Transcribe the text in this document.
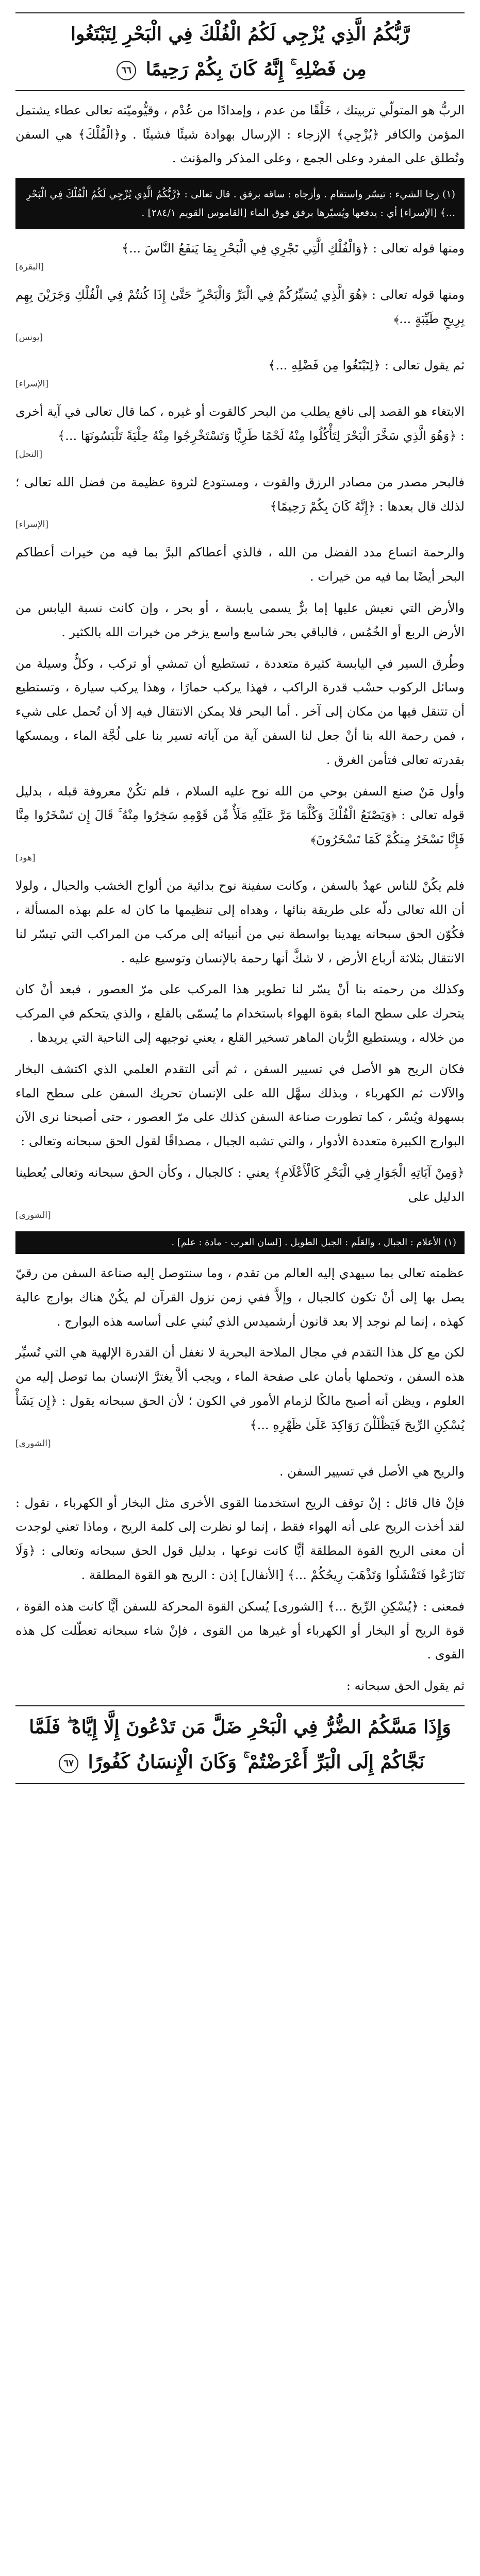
رَّبُّكُمُ الَّذِي يُزْجِي لَكُمُ الْفُلْكَ فِي الْبَحْرِ لِتَبْتَغُوا
مِن فَضْلِهِ ۚ إِنَّهُ كَانَ بِكُمْ رَحِيمًا ٦٦

الربُّ هو المتولّي تربيتك ، خَلْقًا من عدم ، وإمدادًا من عُدْم ، وقيُّوميّته تعالى عطاء يشتمل المؤمن والكافر ﴿يُزْجِي﴾ الإزجاء : الإرسال بهوادة شيئًا فشيئًا . و﴿الْفُلْكَ﴾ هي السفن وتُطلق على المفرد وعلى الجمع ، وعلى المذكر والمؤنث .

(١) زجا الشيء : تيسّر واستقام . وأزجاه : ساقه برفق . قال تعالى : ﴿رَّبُّكُمُ الَّذِي يُزْجِي لَكُمُ الْفُلْكَ فِي الْبَحْرِ ...﴾ [الإسراء] أي : يدفعها ويُسيّرها برفق فوق الماء [القاموس القويم ٢٨٤/١] .

ومنها قوله تعالى : ﴿وَالْفُلْكِ الَّتِي تَجْرِي فِي الْبَحْرِ بِمَا يَنفَعُ النَّاسَ ...﴾
[البقرة]

ومنها قوله تعالى : ﴿هُوَ الَّذِي يُسَيِّرُكُمْ فِي الْبَرِّ وَالْبَحْرِ ۖ حَتَّىٰ إِذَا كُنتُمْ فِي الْفُلْكِ وَجَرَيْنَ بِهِم بِرِيحٍ طَيِّبَةٍ ...﴾
[يونس]

ثم يقول تعالى : ﴿لِتَبْتَغُوا مِن فَضْلِهِ ...﴾
[الإسراء]

الابتغاء هو القصد إلى نافع يطلب من البحر كالقوت أو غيره ، كما قال تعالى في آية أخرى : ﴿وَهُوَ الَّذِي سَخَّرَ الْبَحْرَ لِتَأْكُلُوا مِنْهُ لَحْمًا طَرِيًّا وَتَسْتَخْرِجُوا مِنْهُ حِلْيَةً تَلْبَسُونَهَا ...﴾
[النحل]

فالبحر مصدر من مصادر الرزق والقوت ، ومستودع لثروة عظيمة من فضل الله تعالى ؛ لذلك قال بعدها : ﴿إِنَّهُ كَانَ بِكُمْ رَحِيمًا﴾
[الإسراء]

والرحمة اتساع مدد الفضل من الله ، فالذي أعطاكم البرَّ بما فيه من خيرات أعطاكم البحر أيضًا بما فيه من خيرات .

والأرض التي نعيش عليها إما برٌّ يسمى يابسة ، أو بحر ، وإن كانت نسبة اليابس من الأرض الربع أو الخُمُس ، فالباقي بحر شاسع واسع يزخر من خيرات الله بالكثير .

وطُرق السير في اليابسة كثيرة متعددة ، تستطيع أن تمشي أو تركب ، وكلُّ وسيلة من وسائل الركوب حسْب قدرة الراكب ، فهذا يركب حمارًا ، وهذا يركب سيارة ، وتستطيع أن تتنقل فيها من مكان إلى آخر . أما البحر فلا يمكن الانتقال فيه إلا أن تُحمل على شيء ، فمن رحمة الله بنا أنْ جعل لنا السفن آية من آياته تسير بنا على لُجَّة الماء ، ويمسكها بقدرته تعالى فتأمن الغرق .

وأول مَنْ صنع السفن بوحي من الله نوح عليه السلام ، فلم تكُنْ معروفة قبله ، بدليل قوله تعالى : ﴿وَيَصْنَعُ الْفُلْكَ وَكُلَّمَا مَرَّ عَلَيْهِ مَلَأٌ مِّن قَوْمِهِ سَخِرُوا مِنْهُ ۚ قَالَ إِن تَسْخَرُوا مِنَّا فَإِنَّا نَسْخَرُ مِنكُمْ كَمَا تَسْخَرُونَ﴾
[هود]

فلم يكُنْ للناس عهدٌ بالسفن ، وكانت سفينة نوح بدائية من ألواح الخشب والحبال ، ولولا أن الله تعالى دلّه على طريقة بنائها ، وهداه إلى تنظيمها ما كان له علم بهذه المسألة ، فكُوّن الحق سبحانه يهدينا بواسطة نبي من أنبيائه إلى مركب من المراكب التي تيسّر لنا الانتقال بثلاثة أرباع الأرض ، لا شكَّ أنها رحمة بالإنسان وتوسيع عليه .

وكذلك من رحمته بنا أنْ يسّر لنا تطوير هذا المركب على مرّ العصور ، فبعد أنْ كان يتحرك على سطح الماء بقوة الهواء باستخدام ما يُسمّى بالقلع ، والذي يتحكم في المركب من خلاله ، ويستطيع الرُّبان الماهر تسخير القلع ، يعني توجيهه إلى الناحية التي يريدها .

فكان الريح هو الأصل في تسيير السفن ، ثم أتى التقدم العلمي الذي اكتشف البخار والآلات ثم الكهرباء ، وبذلك سهَّل الله على الإنسان تحريك السفن على سطح الماء بسهولة ويُسْر ، كما تطورت صناعة السفن كذلك على مرّ العصور ، حتى أصبحنا نرى الآن البوارج الكبيرة متعددة الأدوار ، والتي تشبه الجبال ، مصداقًا لقول الحق سبحانه وتعالى :

﴿وَمِنْ آيَاتِهِ الْجَوَارِ فِي الْبَحْرِ كَالْأَعْلَامِ﴾ يعني : كالجبال ، وكأن الحق سبحانه وتعالى يُعطينا الدليل على
[الشورى]

(١) الأعلام : الجبال ، والعَلَم : الجبل الطويل . [لسان العرب - مادة : علم] .

عظمته تعالى بما سيهدي إليه العالم من تقدم ، وما سنتوصل إليه صناعة السفن من رقيّ يصل بها إلى أنْ تكون كالجبال ، وإلاَّ ففي زمن نزول القرآن لم يكُنْ هناك بوارج عالية كهذه ، إنما لم نوجد إلا بعد قانون أرشميدس الذي تُبني على أساسه هذه البوارج .

لكن مع كل هذا التقدم في مجال الملاحة البحرية لا نغفل أن القدرة الإلهية هي التي تُسيِّر هذه السفن ، وتحملها بأمان على صفحة الماء ، ويجب ألاَّ يغترَّ الإنسان بما توصل إليه من العلوم ، ويظن أنه أصبح مالكًا لزمام الأمور في الكون ؛ لأن الحق سبحانه يقول : ﴿إِن يَشَأْ يُسْكِنِ الرِّيحَ فَيَظْلَلْنَ رَوَاكِدَ عَلَىٰ ظَهْرِهِ ...﴾
[الشورى]

والريح هي الأصل في تسيير السفن .

فإنْ قال قائل : إنْ توقف الريح استخدمنا القوى الأخرى مثل البخار أو الكهرباء ، نقول : لقد أخذت الريح على أنه الهواء فقط ، إنما لو نظرت إلى كلمة الريح ، وماذا تعني لوجدت أن معنى الريح القوة المطلقة أيًّا كانت نوعها ، بدليل قول الحق سبحانه وتعالى : ﴿وَلَا تَنَازَعُوا فَتَفْشَلُوا وَتَذْهَبَ رِيحُكُمْ ...﴾ [الأنفال] إذن : الريح هو القوة المطلقة .

فمعنى : ﴿يُسْكِنِ الرِّيحَ ...﴾ [الشورى] يُسكن القوة المحركة للسفن أيًّا كانت هذه القوة ، قوة الريح أو البخار أو الكهرباء أو غيرها من القوى ، فإنْ شاء سبحانه تعطّلت كل هذه القوى .

ثم يقول الحق سبحانه :

وَإِذَا مَسَّكُمُ الضُّرُّ فِي الْبَحْرِ ضَلَّ مَن تَدْعُونَ إِلَّا إِيَّاهُ ۖ فَلَمَّا
نَجَّاكُمْ إِلَى الْبَرِّ أَعْرَضْتُمْ ۚ وَكَانَ الْإِنسَانُ كَفُورًا ٦٧
